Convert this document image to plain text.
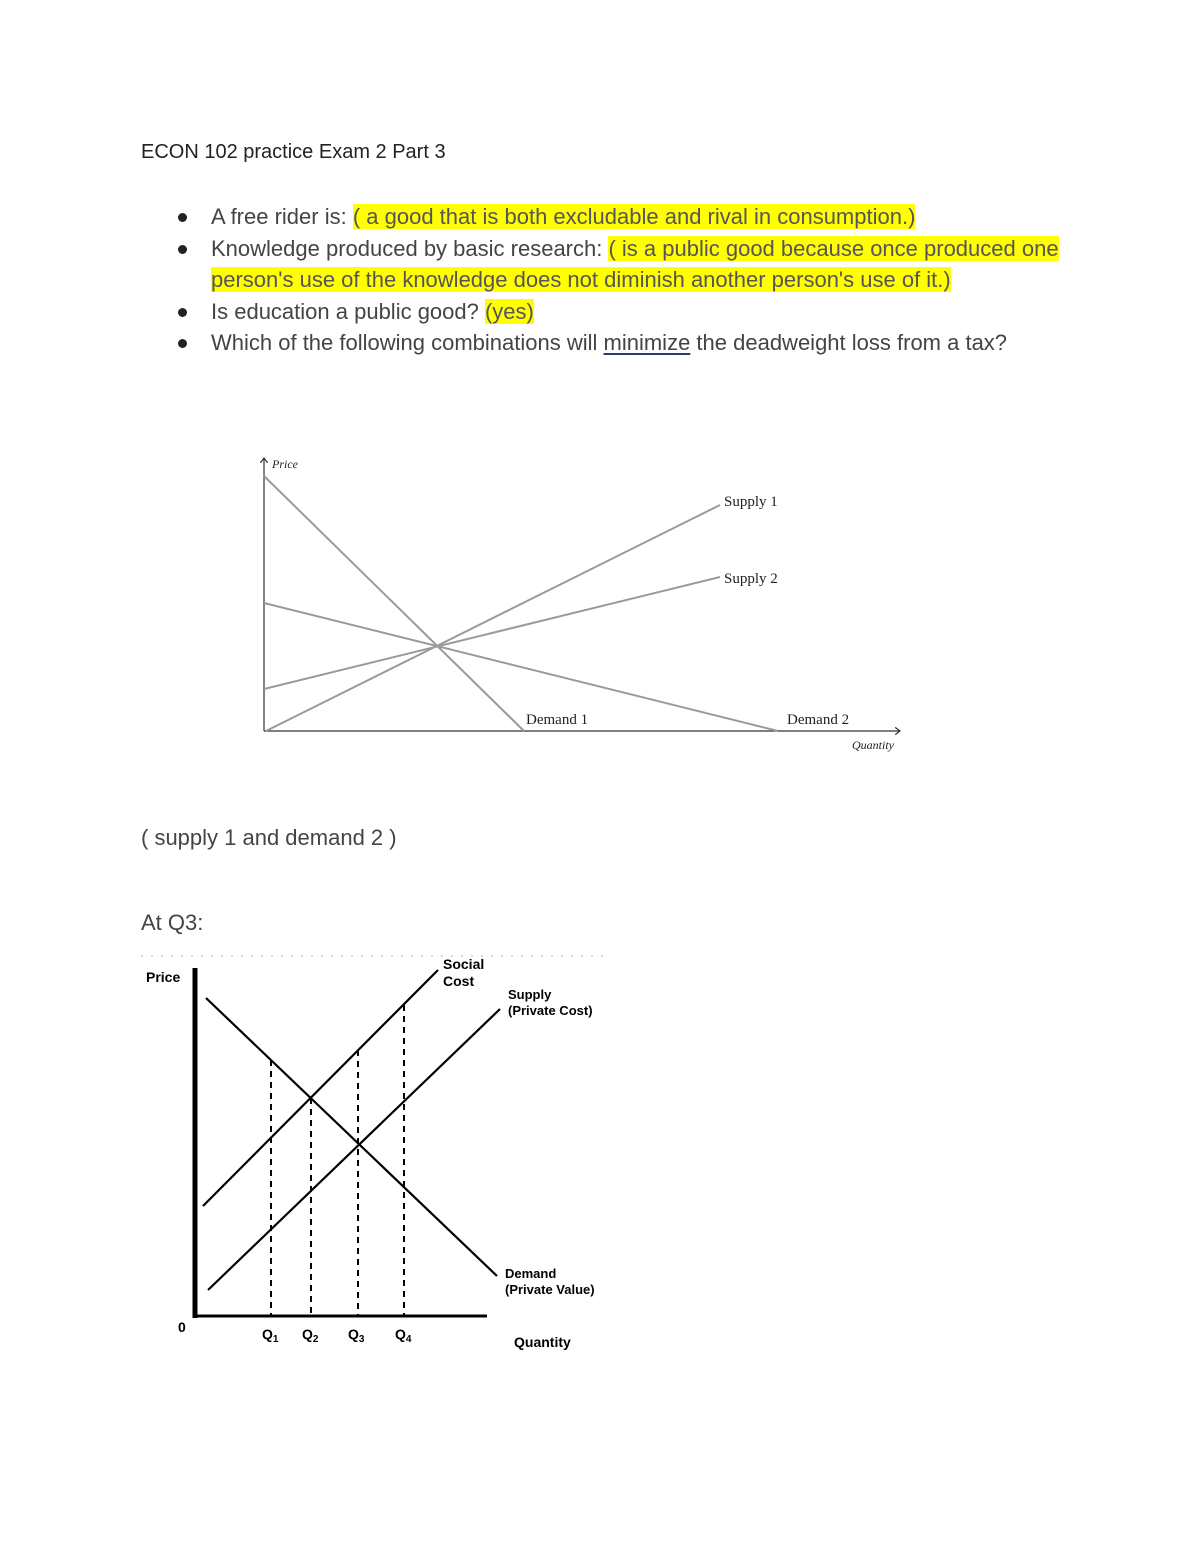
ECON 102 practice Exam 2 Part 3
A free rider is: ( a good that is both excludable and rival in consumption.)
Knowledge produced by basic research: ( is a public good because once produced one person's use of the knowledge does not diminish another person's use of it.)
Is education a public good? (yes)
Which of the following combinations will minimize the deadweight loss from a tax?
Price
Supply 1
Supply 2
Demand 1	Demand 2
Quantity
( supply 1 and demand 2 )
At Q3:
Price
Social
Cost
Supply
(Private Cost)
Demand
(Private Value)
0	$Q_1$ $Q_2$ $Q_3$ $Q_4$	Quantity
